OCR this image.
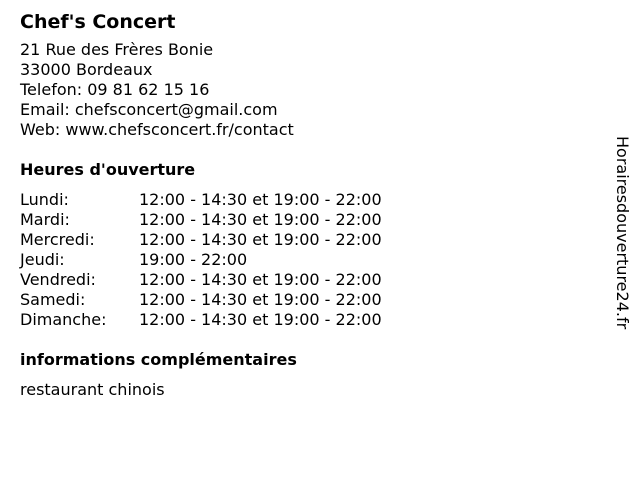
Chef's Concert
21 Rue des Frères Bonie
33000 Bordeaux
Telefon: 09 81 62 15 16
Email: chefsconcert@gmail.com
Web: www.chefsconcert.fr/contact
Heures d'ouverture
Lundi:	12:00 - 14:30 et 19:00 - 22:00
Mardi:	12:00 - 14:30 et 19:00 - 22:00
Mercredi:	12:00 - 14:30 et 19:00 - 22:00
Jeudi:	19:00 - 22:00
Vendredi:	12:00 - 14:30 et 19:00 - 22:00
Samedi:	12:00 - 14:30 et 19:00 - 22:00
Dimanche:	12:00 - 14:30 et 19:00 - 22:00
informations complémentaires
restaurant chinois
Horairesdouverture24.fr
